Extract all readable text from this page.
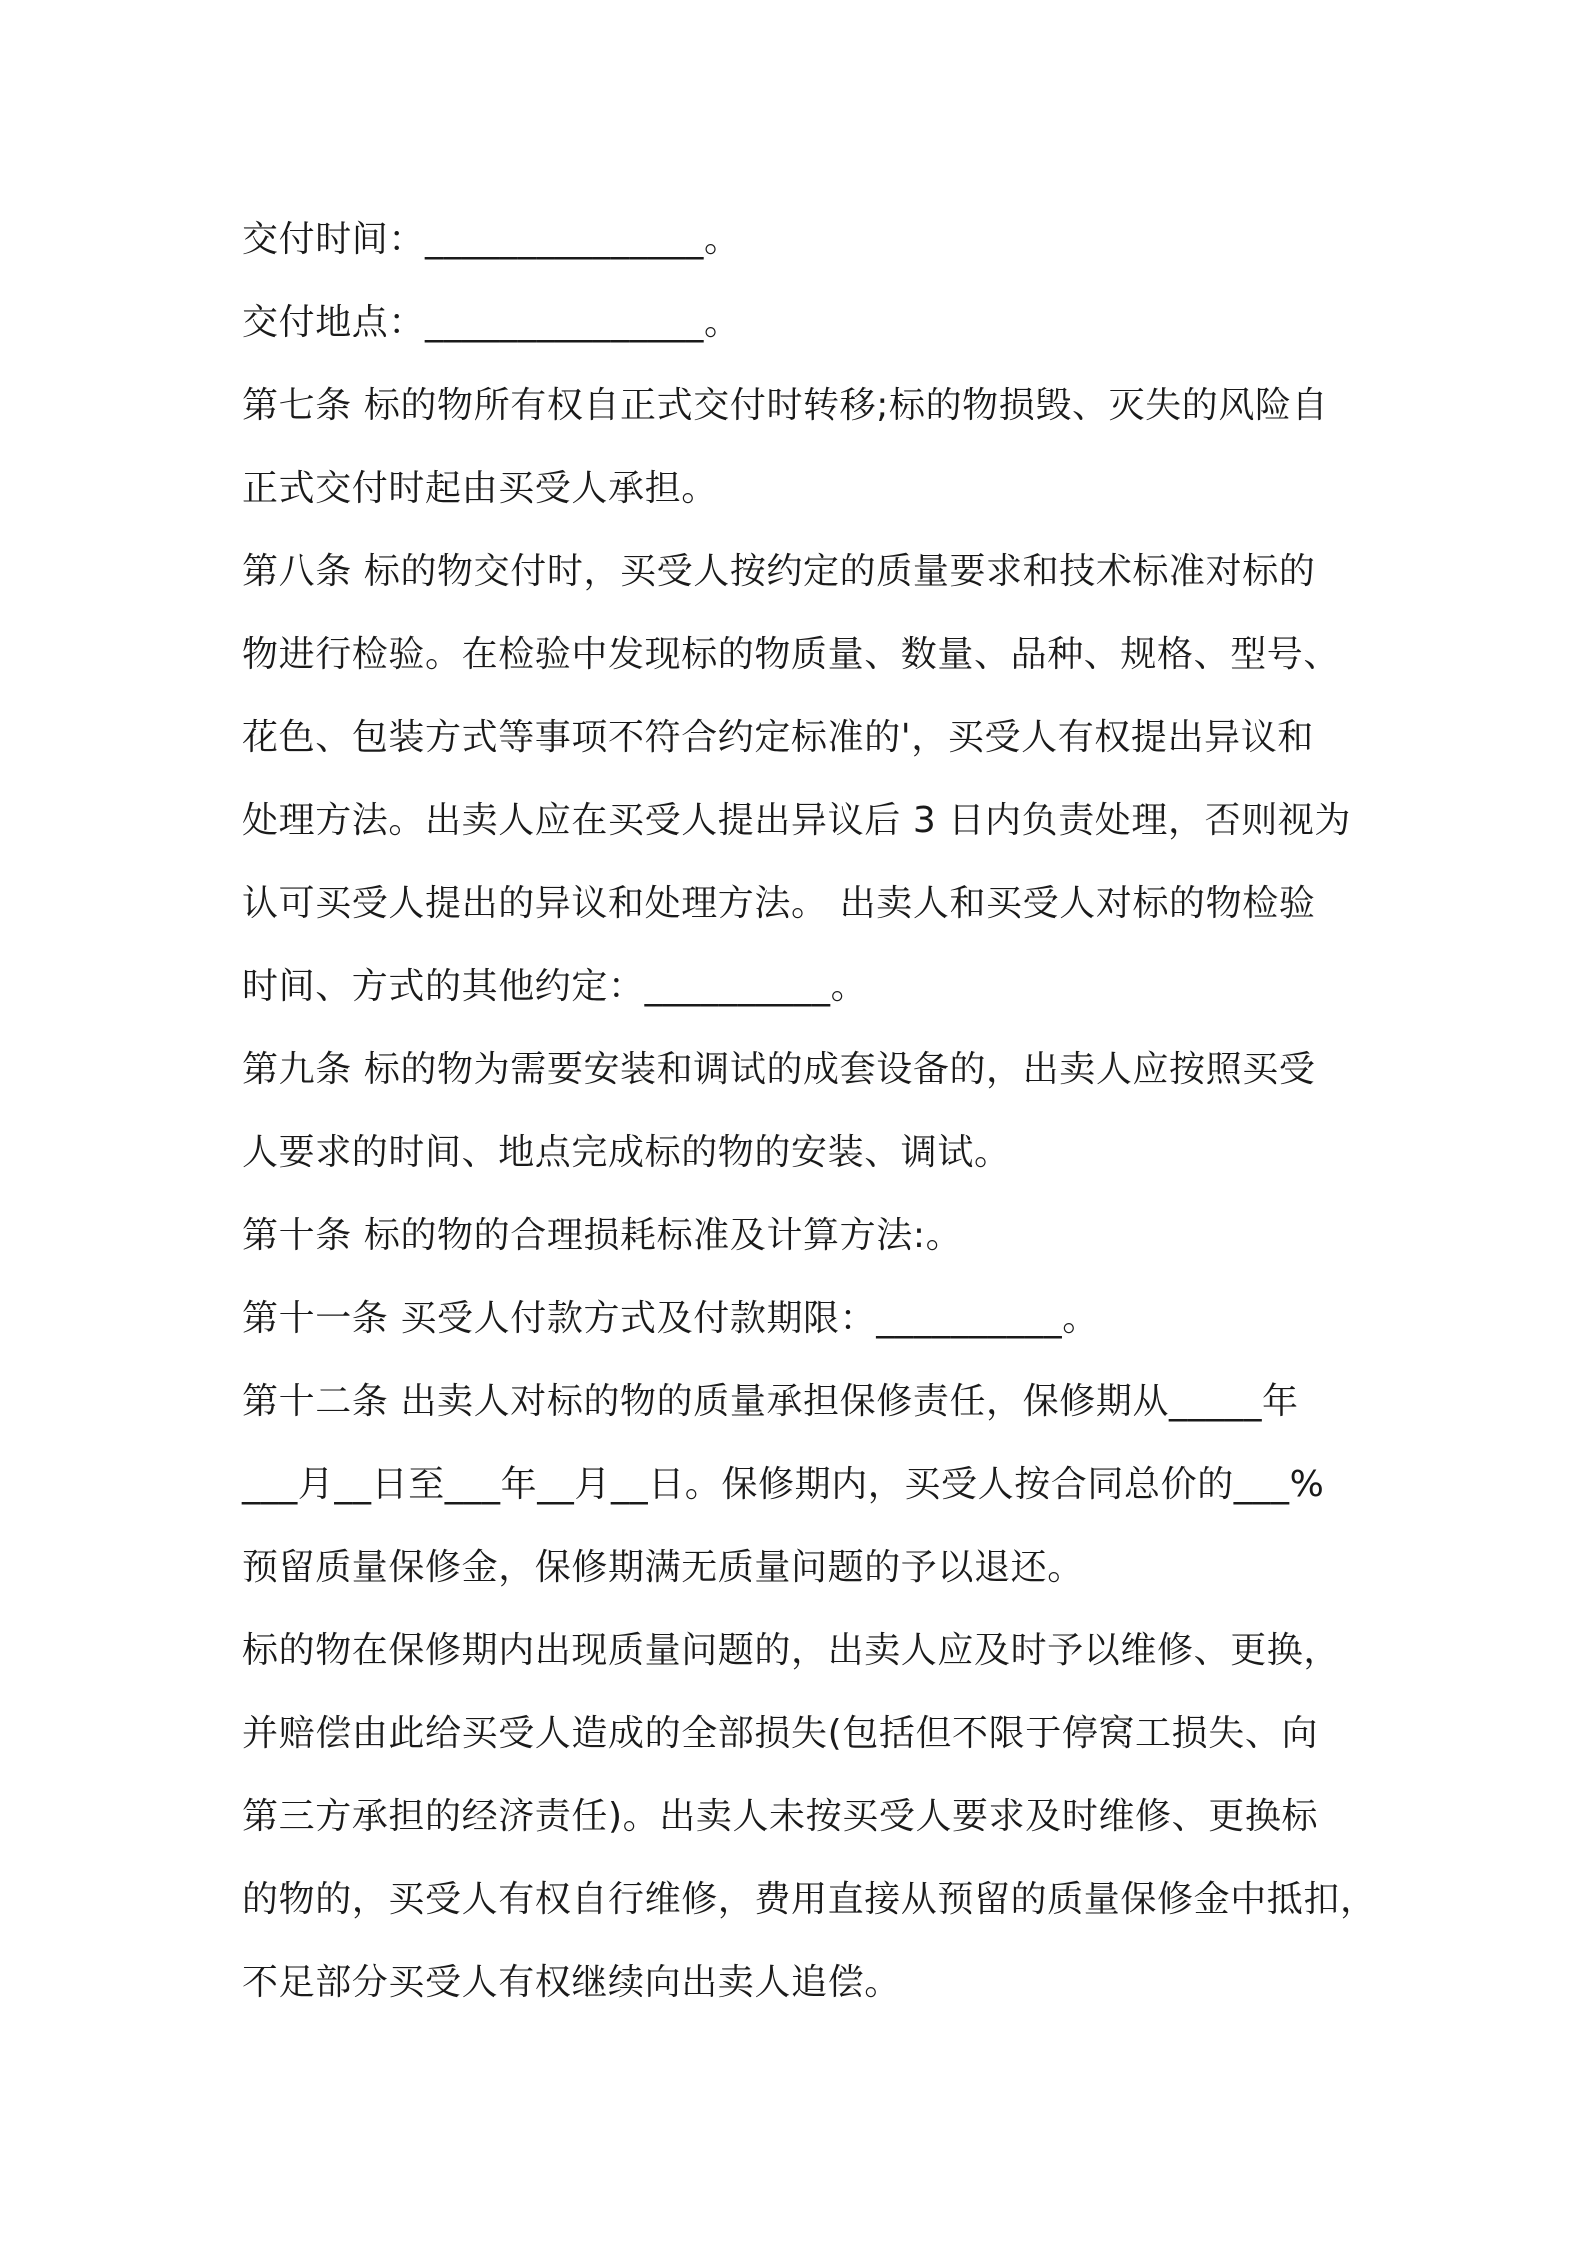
交付时间：_______________。
交付地点：_______________。
第七条 标的物所有权自正式交付时转移;标的物损毁、灭失的风险自
正式交付时起由买受人承担。
第八条 标的物交付时，买受人按约定的质量要求和技术标准对标的
物进行检验。在检验中发现标的物质量、数量、品种、规格、型号、
花色、包装方式等事项不符合约定标准的'，买受人有权提出异议和
处理方法。出卖人应在买受人提出异议后 3 日内负责处理，否则视为
认可买受人提出的异议和处理方法。 出卖人和买受人对标的物检验
时间、方式的其他约定：__________。
第九条 标的物为需要安装和调试的成套设备的，出卖人应按照买受
人要求的时间、地点完成标的物的安装、调试。
第十条 标的物的合理损耗标准及计算方法:。
第十一条 买受人付款方式及付款期限：__________。
第十二条 出卖人对标的物的质量承担保修责任，保修期从_____年
___月__日至___年__月__日。保修期内，买受人按合同总价的___%
预留质量保修金，保修期满无质量问题的予以退还。
标的物在保修期内出现质量问题的，出卖人应及时予以维修、更换，
并赔偿由此给买受人造成的全部损失(包括但不限于停窝工损失、向
第三方承担的经济责任)。出卖人未按买受人要求及时维修、更换标
的物的，买受人有权自行维修，费用直接从预留的质量保修金中抵扣，
不足部分买受人有权继续向出卖人追偿。
